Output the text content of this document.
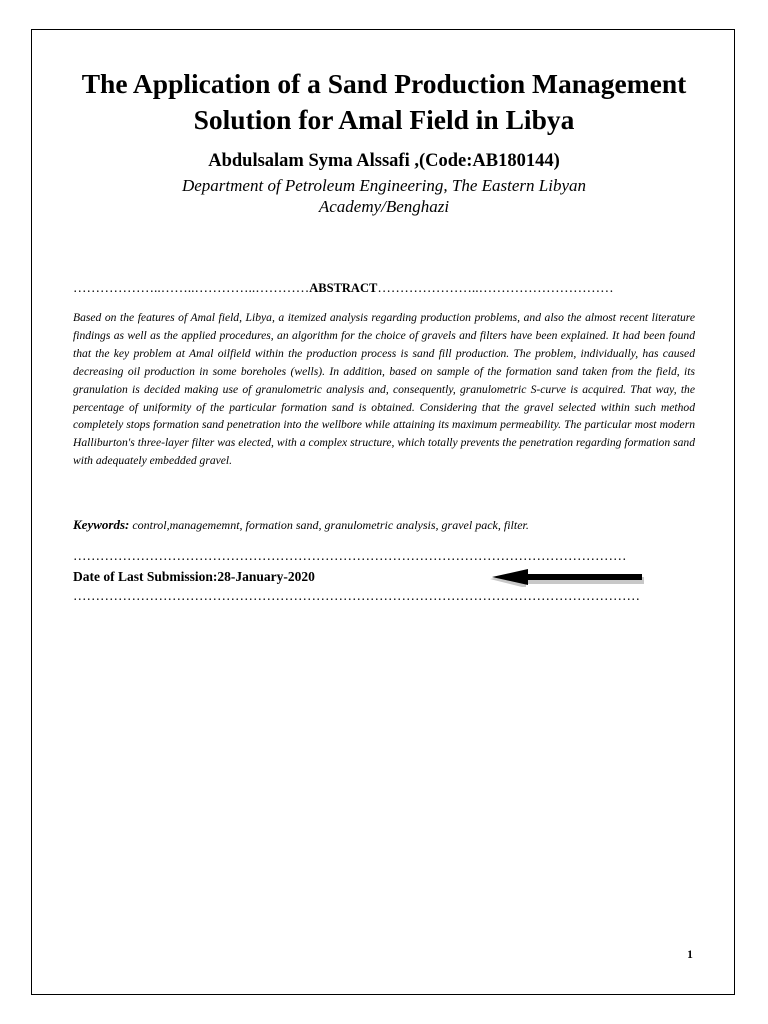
The Application of a Sand Production Management Solution for Amal Field in Libya
Abdulsalam Syma Alssafi ,(Code:AB180144)
Department of Petroleum Engineering, The Eastern Libyan Academy/Benghazi
………………..……..…………..…………ABSTRACT…………………..…………………………

Based on the features of Amal field, Libya, a itemized analysis regarding production problems, and also the almost recent literature findings as well as the applied procedures, an algorithm for the choice of gravels and filters have been explained. It had been found that the key problem at Amal oilfield within the production process is sand fill production. The problem, individually, has caused decreasing oil production in some boreholes (wells). In addition, based on sample of the formation sand taken from the field, its granulation is decided making use of granulometric analysis and, consequently, granulometric S-curve is acquired. That way, the percentage of uniformity of the particular formation sand is obtained. Considering that the gravel selected within such method completely stops formation sand penetration into the wellbore while attaining its maximum permeability. The particular most modern Halliburton's three-layer filter was elected, with a complex structure, which totally prevents the penetration regarding formation sand with adequately embedded gravel.

Keywords: control,managememnt, formation sand, granulometric analysis, gravel pack, filter.
……………………………………………………………………………………………………………
Date of Last Submission:28-January-2020
………………………………………………………………………………………………………………
1
